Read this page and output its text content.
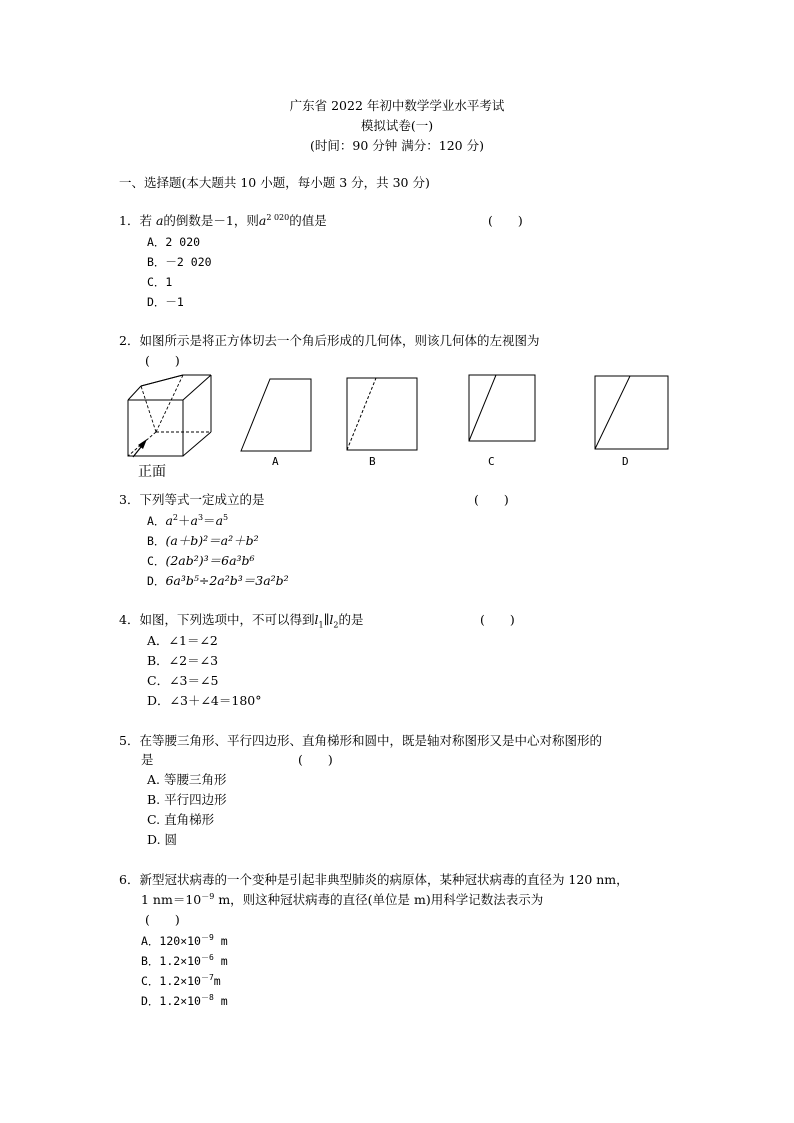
广东省 2022 年初中数学学业水平考试
模拟试卷(一)
(时间：90 分钟 满分：120 分)
一、选择题(本大题共 10 小题，每小题 3 分，共 30 分)
1．若 a的倒数是－1，则$a^{2 020}$的值是	(　　)
A．2 020
B．－2 020
C．1
D．－1
2．如图所示是将正方体切去一个角后形成的几何体，则该几何体的左视图为
(　　)
正面
A	B	C	D
3．下列等式一定成立的是	(　　)
A．$a^2+a^3=a^5$
B．(a＋b)²＝a²＋b²
C．(2ab²)³＝6a³b⁶
D．6a³b⁵÷2a²b³＝3a²b²
4．如图，下列选项中，不可以得到$l_1\parallel l_2$的是	(　　)
A．∠1＝∠2
B．∠2＝∠3
C．∠3＝∠5
D．∠3＋∠4＝180°
5．在等腰三角形、平行四边形、直角梯形和圆中，既是轴对称图形又是中心对称图形的
是	(　　)
A. 等腰三角形
B. 平行四边形
C. 直角梯形
D. 圆
6．新型冠状病毒的一个变种是引起非典型肺炎的病原体，某种冠状病毒的直径为 120 nm，
1 $nm=10^{-9}$ m，则这种冠状病毒的直径(单位是 m)用科学记数法表示为
(　　)
A．$120\times 10^{-9}$ m
B．$1.2\times 10^{-6}$ m
C．$1.2\times 10^{-7}m$
D．$1.2\times 10^{-8}$ m
